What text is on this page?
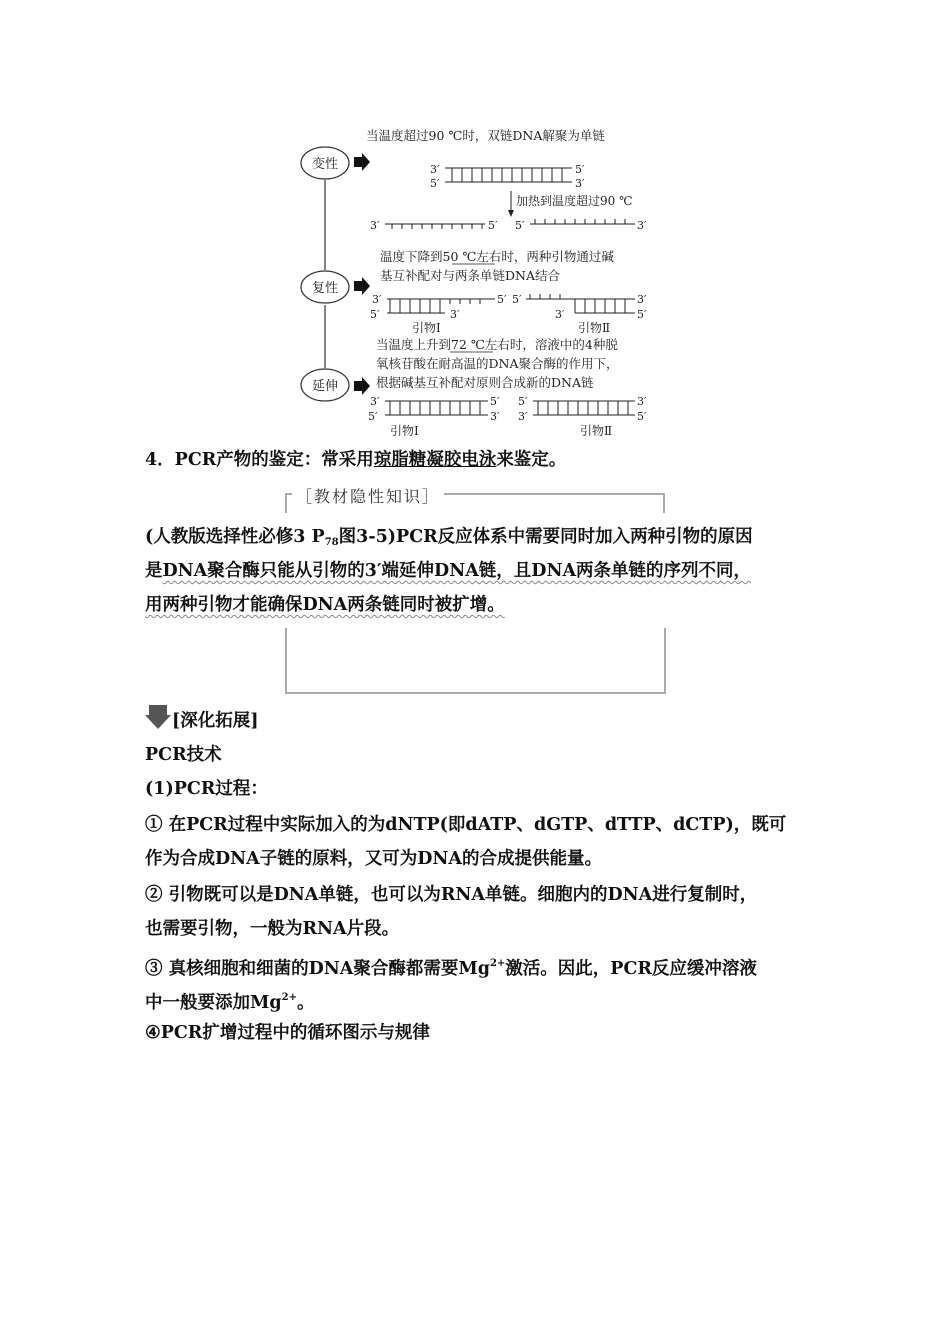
变性
复性
延伸
当温度超过90 ℃时，双链DNA解聚为单链
3′
5′
5′
3′
加热到温度超过90 ℃
3′	5′ 5′	3′
温度下降到50 ℃左右时，两种引物通过碱
基互补配对与两条单链DNA结合
3′
5′	3′
5′ 5′
3′
3′
5′
引物Ⅰ	引物Ⅱ
当温度上升到72 ℃左右时，溶液中的4种脱
氧核苷酸在耐高温的DNA聚合酶的作用下，
根据碱基互补配对原则合成新的DNA链
3′
5′
5′
3′
5′
3′
3′
5′
引物Ⅰ	引物Ⅱ
4．PCR产物的鉴定：常采用琼脂糖凝胶电泳来鉴定。
［教材隐性知识］
(人教版选择性必修3 $P_{78}$图3-5)PCR反应体系中需要同时加入两种引物的原因
是DNA聚合酶只能从引物的3′端延伸DNA链，且DNA两条单链的序列不同，
用两种引物才能确保DNA两条链同时被扩增。
[深化拓展]
PCR技术
(1)PCR过程：
① 在PCR过程中实际加入的为dNTP(即dATP、dGTP、dTTP、dCTP)，既可
作为合成DNA子链的原料，又可为DNA的合成提供能量。
② 引物既可以是DNA单链，也可以为RNA单链。细胞内的DNA进行复制时，
也需要引物，一般为RNA片段。
③ 真核细胞和细菌的DNA聚合酶都需要$Mg^{2+}$激活。因此，PCR反应缓冲溶液
中一般要添加$Mg^{2+}$。
④PCR扩增过程中的循环图示与规律
